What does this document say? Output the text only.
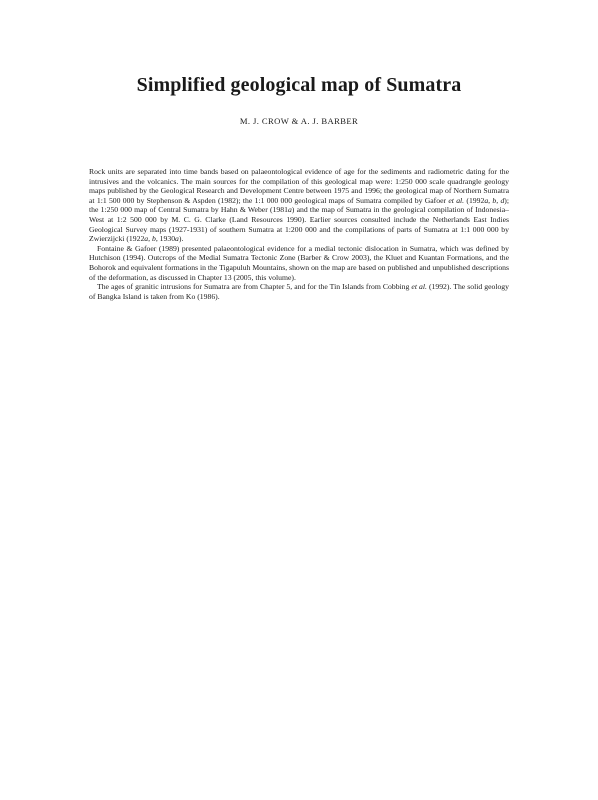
Simplified geological map of Sumatra
M. J. CROW & A. J. BARBER

Rock units are separated into time bands based on palaeontological evidence of age for the sediments and radiometric dating for the intrusives and the volcanics. The main sources for the compilation of this geological map were: 1:250 000 scale quadrangle geology maps published by the Geological Research and Development Centre between 1975 and 1996; the geological map of Northern Sumatra at 1:1 500 000 by Stephenson & Aspden (1982); the 1:1 000 000 geological maps of Sumatra compiled by Gafoer et al. (1992a, b, d); the 1:250 000 map of Central Sumatra by Hahn & Weber (1981a) and the map of Sumatra in the geological compilation of Indonesia–West at 1:2 500 000 by M. C. G. Clarke (Land Resources 1990). Earlier sources consulted include the Netherlands East Indies Geological Survey maps (1927-1931) of southern Sumatra at 1:200 000 and the compilations of parts of Sumatra at 1:1 000 000 by Zwierzijcki (1922a, b, 1930a).

Fontaine & Gafoer (1989) presented palaeontological evidence for a medial tectonic dislocation in Sumatra, which was defined by Hutchison (1994). Outcrops of the Medial Sumatra Tectonic Zone (Barber & Crow 2003), the Kluet and Kuantan Formations, and the Bohorok and equivalent formations in the Tigapuluh Mountains, shown on the map are based on published and unpublished descriptions of the deformation, as discussed in Chapter 13 (2005, this volume).

The ages of granitic intrusions for Sumatra are from Chapter 5, and for the Tin Islands from Cobbing et al. (1992). The solid geology of Bangka Island is taken from Ko (1986).
